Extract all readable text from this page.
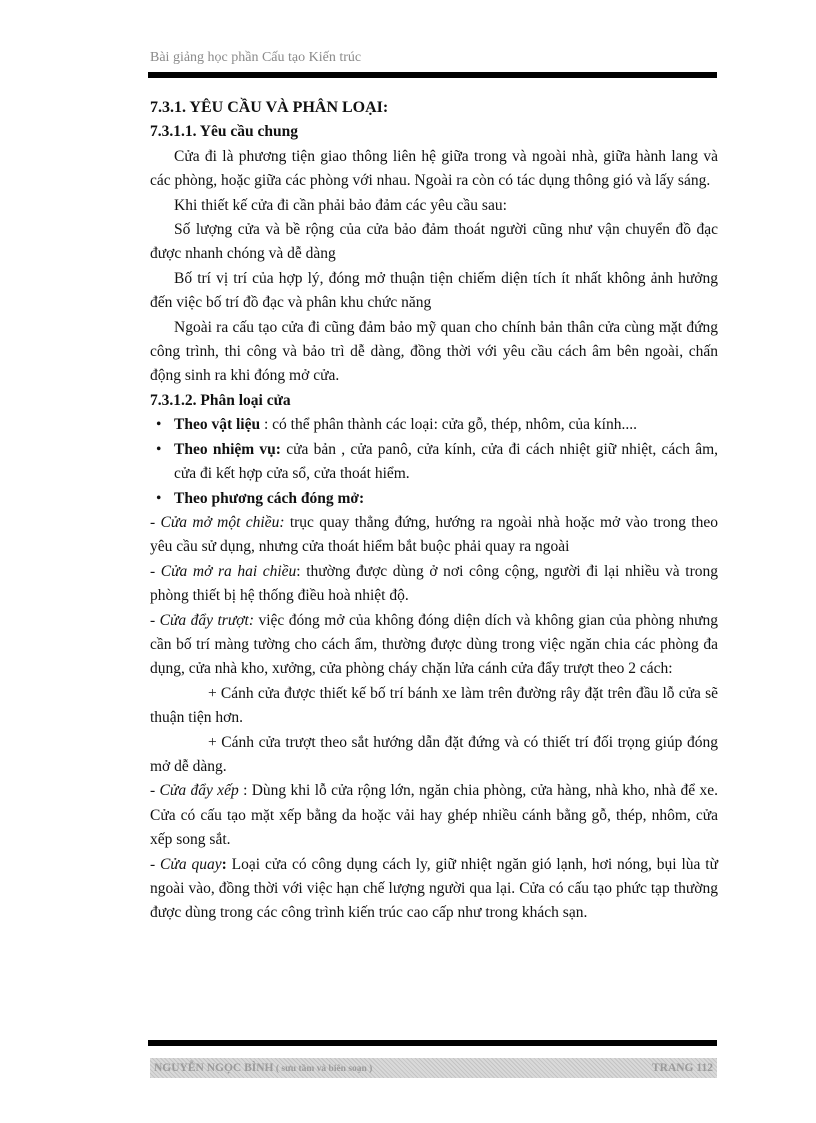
Bài giảng học phần Cấu tạo Kiến trúc

7.3.1. YÊU CẦU VÀ PHÂN LOẠI:

7.3.1.1. Yêu cầu chung

Cửa đi là phương tiện giao thông liên hệ giữa trong và ngoài nhà, giữa hành lang và các phòng, hoặc giữa các phòng với nhau. Ngoài ra còn có tác dụng thông gió và lấy sáng.

Khi thiết kế cửa đi cần phải bảo đảm các yêu cầu sau:

Số lượng cửa và bề rộng của cửa bảo đảm thoát người cũng như vận chuyển đồ đạc được nhanh chóng và dễ dàng

Bố trí vị trí của hợp lý, đóng mở thuận tiện chiếm diện tích ít nhất không ảnh hưởng đến việc bố trí đồ đạc và phân khu chức năng

Ngoài ra cấu tạo cửa đi cũng đảm bảo mỹ quan cho chính bản thân cửa cùng mặt đứng công trình, thi công và bảo trì dễ dàng, đồng thời với yêu cầu cách âm bên ngoài, chấn động sinh ra khi đóng mở cửa.

7.3.1.2. Phân loại cửa

• Theo vật liệu : có thể phân thành các loại: cửa gỗ, thép, nhôm, của kính....
• Theo nhiệm vụ: cửa bản , cửa panô, cửa kính, cửa đi cách nhiệt giữ nhiệt, cách âm, cửa đi kết hợp cửa sổ, cửa thoát hiểm.
• Theo phương cách đóng mở:

- Cửa mở một chiều: trục quay thẳng đứng, hướng ra ngoài nhà hoặc mở vào trong theo yêu cầu sử dụng, nhưng cửa thoát hiểm bắt buộc phải quay ra ngoài

- Cửa mở ra hai chiều: thường được dùng ở nơi công cộng, người đi lại nhiều và trong phòng thiết bị hệ thống điều hoà nhiệt độ.

- Cửa đẩy trượt: việc đóng mở của không đóng diện dích và không gian của phòng nhưng cần bố trí màng tường cho cách ẩm, thường được dùng trong việc ngăn chia các phòng đa dụng, cửa nhà kho, xưởng, cửa phòng cháy chặn lửa cánh cửa đẩy trượt theo 2 cách:

+ Cánh cửa được thiết kế bố trí bánh xe làm trên đường rây đặt trên đầu lỗ cửa sẽ thuận tiện hơn.

+ Cánh cửa trượt theo sắt hướng dẫn đặt đứng và có thiết trí đối trọng giúp đóng mở dễ dàng.

- Cửa đẩy xếp : Dùng khi lỗ cửa rộng lớn, ngăn chia phòng, cửa hàng, nhà kho, nhà để xe. Cửa có cấu tạo mặt xếp bằng da hoặc vải hay ghép nhiều cánh bằng gỗ, thép, nhôm, cửa xếp song sắt.

- Cửa quay: Loại cửa có công dụng cách ly, giữ nhiệt ngăn gió lạnh, hơi nóng, bụi lùa từ ngoài vào, đồng thời với việc hạn chế lượng người qua lại. Cửa có cấu tạo phức tạp thường được dùng trong các công trình kiến trúc cao cấp như trong khách sạn.

NGUYỄN NGỌC BÌNH ( sưu tầm và biên soạn )	TRANG 112
